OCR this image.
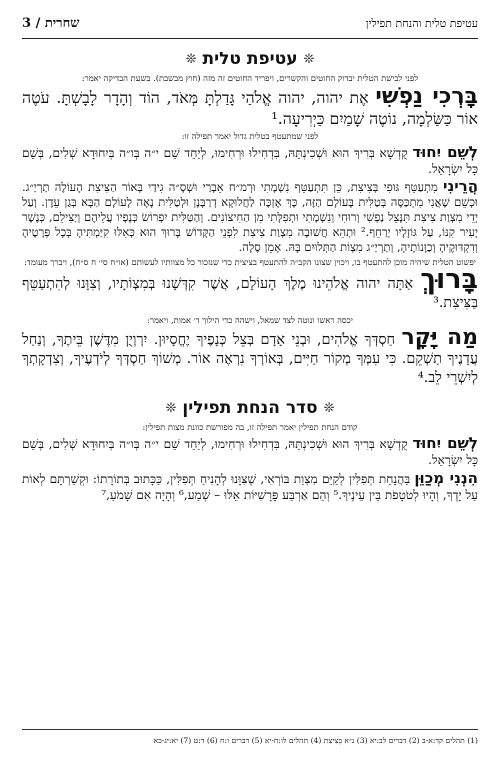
עטיפת טלית והנחת תפילין
שחרית / 3
❊
עטיפת טלית
❊
לפני לבישת הטלית יבדוק החוטים והקשרים, ויפריד החוטים זה מזה (חוץ מבשבת). בשעת הבדיקה יאמר:
בָּרְכִי נַפְשִׁי אֶת יהוה, יהוה אֱלֹהַי גָּדַלְתָּ מְּאֹד, הוֹד וְהָדָר לָבָשְׁתָּ. עֹטֶה אוֹר כַּשַּׂלְמָה, נוֹטֶה שָׁמַיִם כַּיְרִיעָה.¹
לפני שמתעטף בטלית גדול יאמר תפילה זו:
לְשֵׁם יִחוּד קֻדְשָׁא בְּרִיךְ הוּא וּשְׁכִינְתֵּהּ, בִּדְחִילוּ וּרְחִימוּ, לְיַחֵד שֵׁם י״ה בְּו״ה בְּיִחוּדָא שְׁלִים, בְּשֵׁם כָּל יִשְׂרָאֵל.
הֲרֵינִי מִתְעַטֵּף גּוּפִי בְּצִיצִת, כֵּן תִּתְעַטֵּף נִשְׁמָתִי וּרְמ״ח אֵבָרַי וּשְׁסָ״ה גִידַי בְּאוֹר הַצִּיצִת הָעוֹלֶה תַרְיַ״ג. וּכְשֵׁם שֶׁאֲנִי מִתְכַּסֶּה בְּטַלִּית בָּעוֹלָם הַזֶּה, כָּךְ אֶזְכֶּה לַחֲלוּקָא דְרַבָּנָן וּלְטַלִּית נָאָה לָעוֹלָם הַבָּא בְּגַן עֵדֶן. וְעַל יְדֵי מִצְוַת צִיצִת תִּנָּצֵל נַפְשִׁי וְרוּחִי וְנִשְׁמָתִי וּתְפִלָּתִי מִן הַחִיצוֹנִים. וְהַטַּלִּית יִפְרוֹשׂ כְּנָפָיו עֲלֵיהֶם וְיַצִּילֵם, כְּנֶשֶׁר יָעִיר קִנּוֹ, עַל גּוֹזָלָיו יְרַחֵף.² וּתְהֵא חֲשׁוּבָה מִצְוַת צִיצִת לִפְנֵי הַקָּדוֹשׁ בָּרוּךְ הוּא כְּאִלּוּ קִיַּמְתִּיהָ בְּכָל פְּרָטֶיהָ וְדִקְדּוּקֶיהָ וְכַוָּנוֹתֶיהָ, וְתַרְיַ״ג מִצְוֹת הַתְּלוּיִם בָּהּ. אָמֵן סֶלָה.
יפשוט הטלית שיהיה מוכן להתעטף בו, ויכוין שצונו הקב״ה להתעטף בציצית כדי שנזכור כל מצוותיו לעשותם (או״ח סי׳ ח ס״ח), ויברך מעומד:
בָּרוּךְ אַתָּה יהוה אֱלֹהֵינוּ מֶלֶךְ הָעוֹלָם, אֲשֶׁר קִדְּשָׁנוּ בְּמִצְוֹתָיו, וְצִוָּנוּ לְהִתְעַטֵּף בַּצִּיצִת.³
יכסה ראשו ונוטה לצד שמאל, וישהה כדי הילוך ד׳ אמות, ויאמר:
מַה יָּקָר חַסְדְּךָ אֱלֹהִים, וּבְנֵי אָדָם בְּצֵל כְּנָפֶיךָ יֶחֱסָיוּן. יִרְוְיֻן מִדֶּשֶׁן בֵּיתֶךָ, וְנַחַל עֲדָנֶיךָ תַשְׁקֵם. כִּי עִמְּךָ מְקוֹר חַיִּים, בְּאוֹרְךָ נִרְאֶה אוֹר. מְשׁוֹךְ חַסְדְּךָ לְיֹדְעֶיךָ, וְצִדְקָתְךָ לְיִשְׁרֵי לֵב.⁴
❊
סדר הנחת תפילין
❊
קודם הנחת תפילין יאמר תפילה זו, בה מפורשת כוונת מצות תפילין:
לְשֵׁם יִחוּד קֻדְשָׁא בְּרִיךְ הוּא וּשְׁכִינְתֵּהּ, בִּדְחִילוּ וּרְחִימוּ, לְיַחֵד שֵׁם י״ה בְּו״ה בְּיִחוּדָא שְׁלִים, בְּשֵׁם כָּל יִשְׂרָאֵל.
הִנְנִי מְכַוֵּן בַּהֲנָחַת תְּפִלִּין לְקַיֵּם מִצְוַת בּוֹרְאִי, שֶׁצִּוָּנוּ לְהָנִיחַ תְּפִלִּין, כַּכָּתוּב בְּתוֹרָתוֹ: וּקְשַׁרְתָּם לְאוֹת עַל יָדֶךָ, וְהָיוּ לְטֹטָפֹת בֵּין עֵינֶיךָ.⁵ וְהֵם אַרְבַּע פָּרָשִׁיּוֹת אֵלּוּ – שְׁמַע,⁶ וְהָיָה אִם שָׁמֹעַ,⁷
(1) תהלים קד:א-ב (2) דברים לב:יא (3) נ״א בְּצִיצִת (4) תהלים לו:ח-יא (5) דברים ו:ח (6) ד:ט (7) יא:יג-כא
